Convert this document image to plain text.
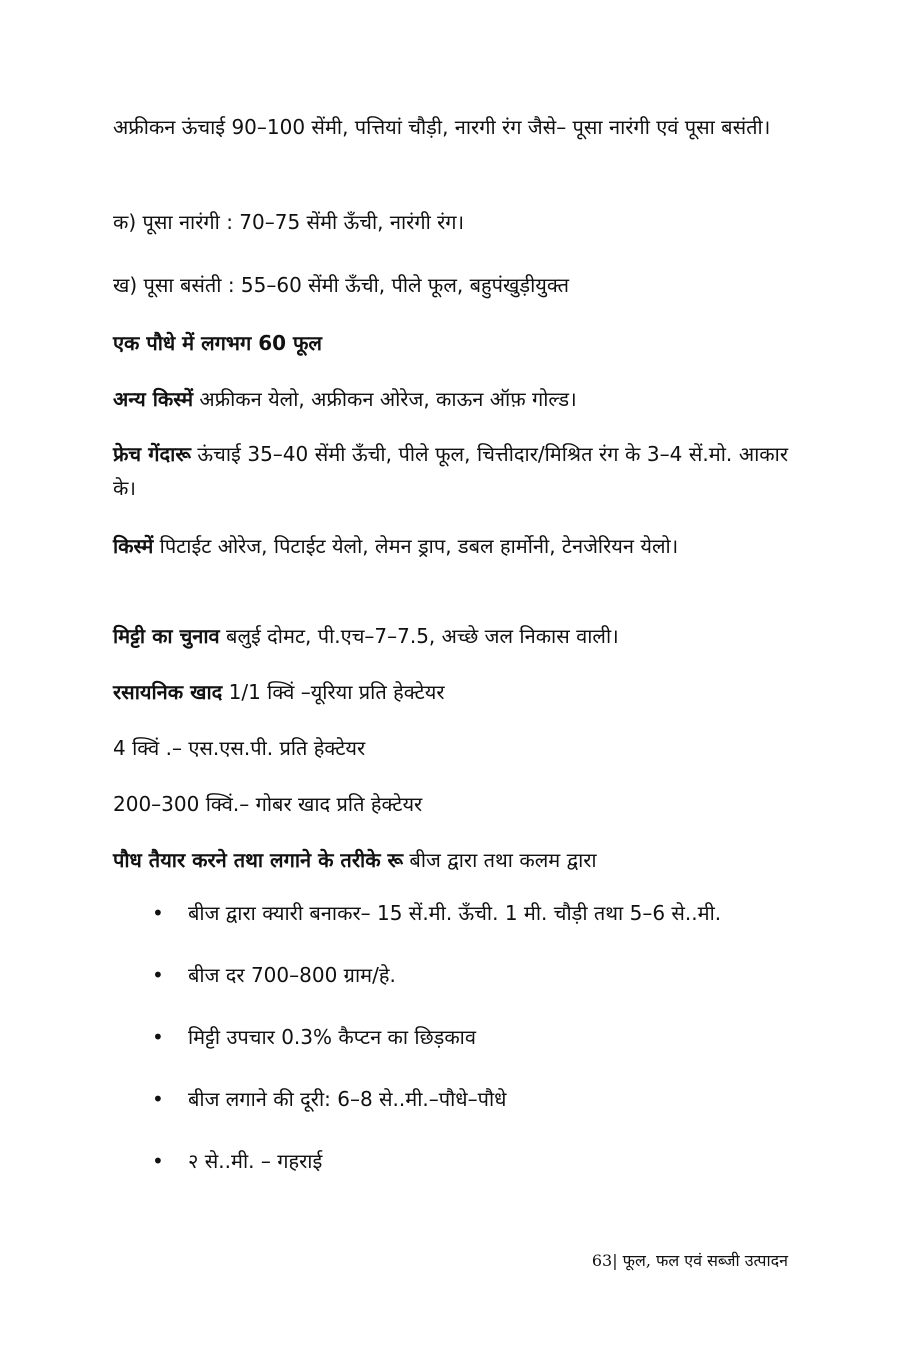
अफ्रीकन ऊंचाई 90–100 सेंमी, पत्तियां चौड़ी, नारगी रंग जैसे– पूसा नारंगी एवं पूसा बसंती।

क) पूसा नारंगी : 70–75 सेंमी ऊँची, नारंगी रंग।

ख) पूसा बसंती : 55–60 सेंमी ऊँची, पीले फूल, बहुपंखुड़ीयुक्त

एक पौधे में लगभग 60 फूल

अन्य किस्में अफ्रीकन येलो, अफ्रीकन ओरेज, काऊन ऑफ़ गोल्ड।

फ्रेच गेंदारू ऊंचाई 35–40 सेंमी ऊँची, पीले फूल, चित्तीदार/मिश्रित रंग के 3–4 सें.मो. आकार के।

किस्में पिटाईट ओरेज, पिटाईट येलो, लेमन ड्राप, डबल हार्मोनी, टेनजेरियन येलो।

मिट्टी का चुनाव बलुई दोमट, पी.एच–7–7.5, अच्छे जल निकास वाली।

रसायनिक खाद 1/1 क्विं –यूरिया प्रति हेक्टेयर

4 क्विं .– एस.एस.पी. प्रति हेक्टेयर

200–300 क्विं.– गोबर खाद प्रति हेक्टेयर

पौध तैयार करने तथा लगाने के तरीके रू बीज द्वारा तथा कलम द्वारा

• बीज द्वारा क्यारी बनाकर– 15 सें.मी. ऊँची. 1 मी. चौड़ी तथा 5–6 से..मी.
• बीज दर 700–800 ग्राम/हे.
• मिट्टी उपचार 0.3% कैप्टन का छिड़काव
• बीज लगाने की दूरी: 6–8 से..मी.–पौधे–पौधे
• २ से..मी. – गहराई
63| फूल, फल एवं सब्जी उत्पादन
